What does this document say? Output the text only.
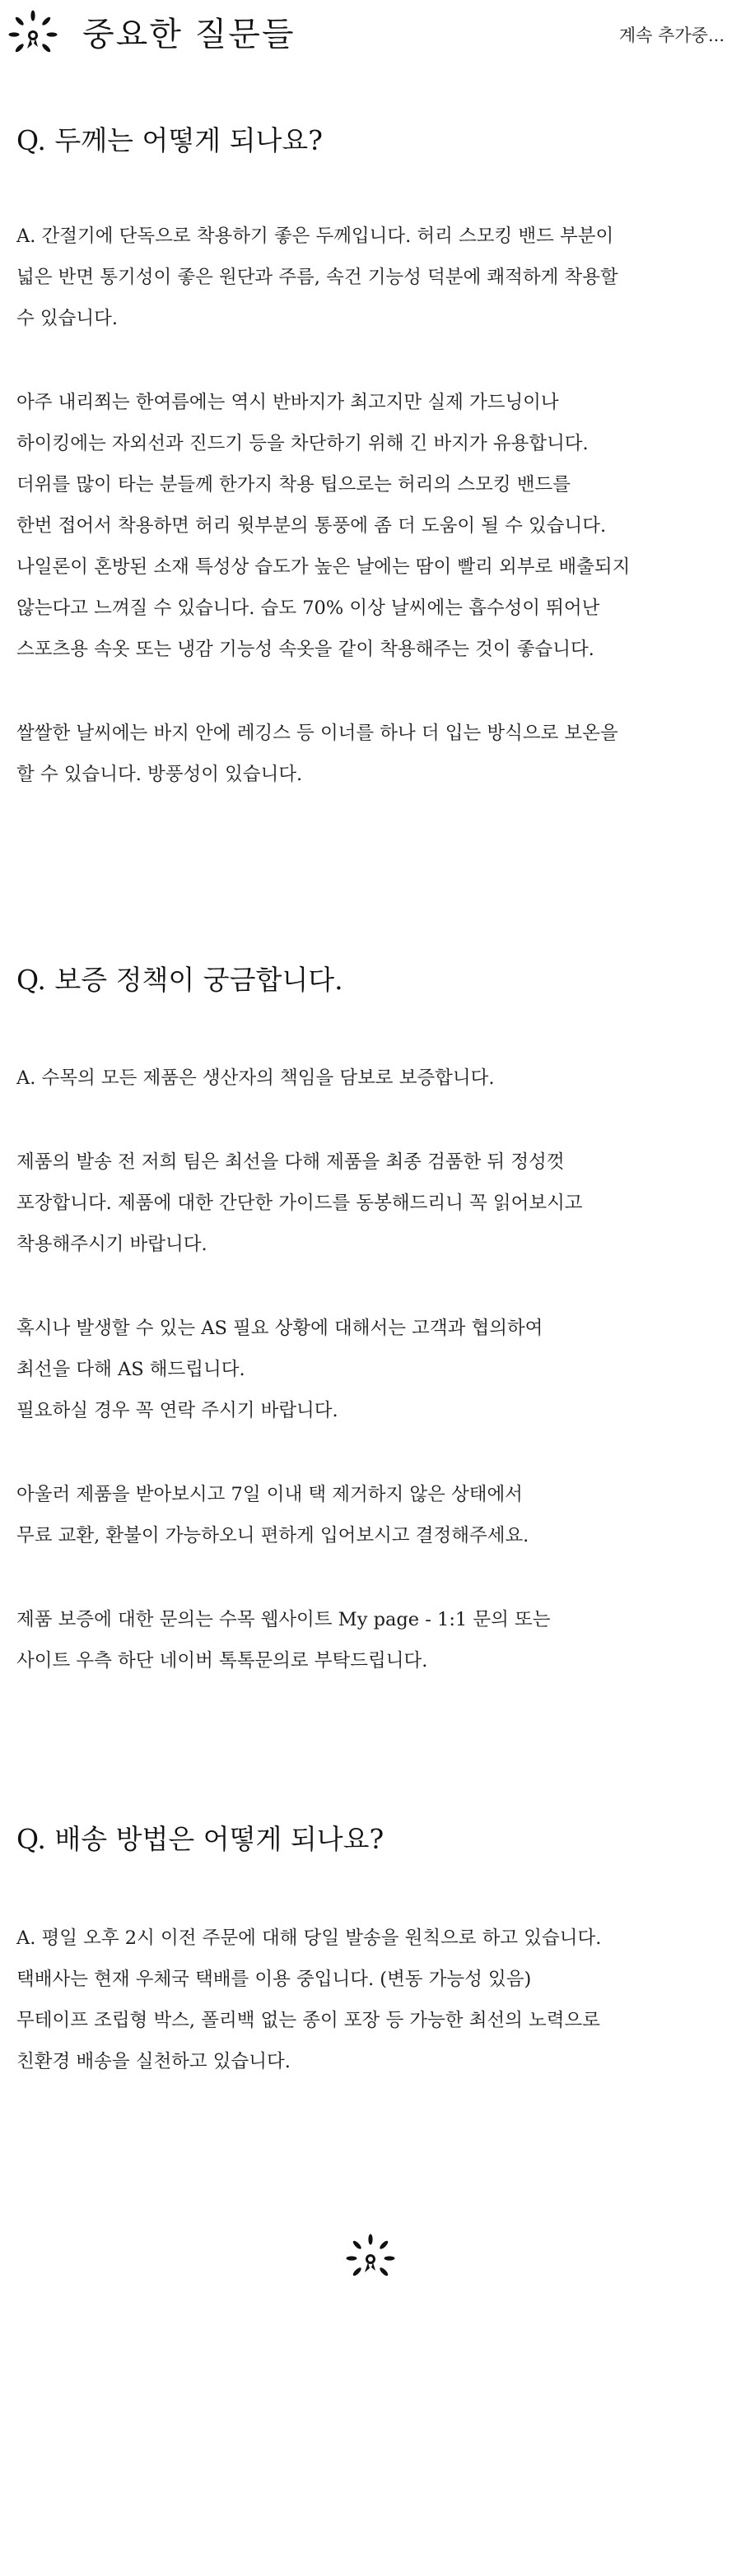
중요한 질문들	계속 추가중...
Q. 두께는 어떻게 되나요?

A. 간절기에 단독으로 착용하기 좋은 두께입니다. 허리 스모킹 밴드 부분이
넓은 반면 통기성이 좋은 원단과 주름, 속건 기능성 덕분에 쾌적하게 착용할
수 있습니다.

아주 내리쬐는 한여름에는 역시 반바지가 최고지만 실제 가드닝이나
하이킹에는 자외선과 진드기 등을 차단하기 위해 긴 바지가 유용합니다.
더위를 많이 타는 분들께 한가지 착용 팁으로는 허리의 스모킹 밴드를
한번 접어서 착용하면 허리 윗부분의 통풍에 좀 더 도움이 될 수 있습니다.
나일론이 혼방된 소재 특성상 습도가 높은 날에는 땀이 빨리 외부로 배출되지
않는다고 느껴질 수 있습니다. 습도 70% 이상 날씨에는 흡수성이 뛰어난
스포츠용 속옷 또는 냉감 기능성 속옷을 같이 착용해주는 것이 좋습니다.

쌀쌀한 날씨에는 바지 안에 레깅스 등 이너를 하나 더 입는 방식으로 보온을
할 수 있습니다. 방풍성이 있습니다.

Q. 보증 정책이 궁금합니다.

A. 수목의 모든 제품은 생산자의 책임을 담보로 보증합니다.

제품의 발송 전 저희 팀은 최선을 다해 제품을 최종 검품한 뒤 정성껏
포장합니다. 제품에 대한 간단한 가이드를 동봉해드리니 꼭 읽어보시고
착용해주시기 바랍니다.

혹시나 발생할 수 있는 AS 필요 상황에 대해서는 고객과 협의하여
최선을 다해 AS 해드립니다.
필요하실 경우 꼭 연락 주시기 바랍니다.

아울러 제품을 받아보시고 7일 이내 택 제거하지 않은 상태에서
무료 교환, 환불이 가능하오니 편하게 입어보시고 결정해주세요.

제품 보증에 대한 문의는 수목 웹사이트 My page - 1:1 문의 또는
사이트 우측 하단 네이버 톡톡문의로 부탁드립니다.

Q. 배송 방법은 어떻게 되나요?

A. 평일 오후 2시 이전 주문에 대해 당일 발송을 원칙으로 하고 있습니다.
택배사는 현재 우체국 택배를 이용 중입니다. (변동 가능성 있음)
무테이프 조립형 박스, 폴리백 없는 종이 포장 등 가능한 최선의 노력으로
친환경 배송을 실천하고 있습니다.
